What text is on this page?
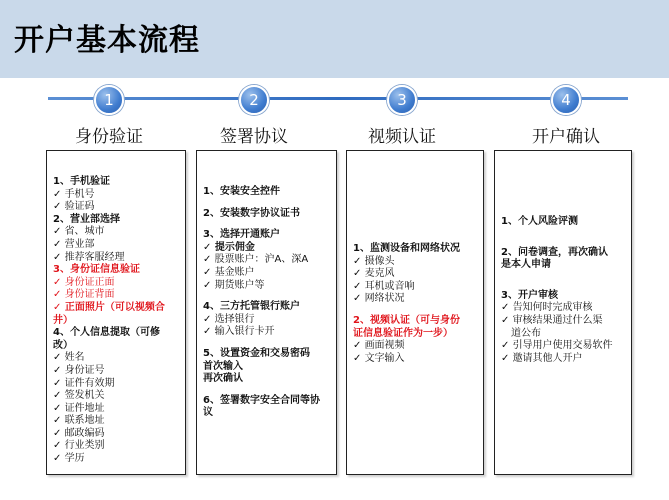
开户基本流程
1	2	3	4
身份验证	签署协议	视频认证	开户确认
1、手机验证
✓ 手机号
✓ 验证码
2、营业部选择
✓ 省、城市
✓ 营业部
✓ 推荐客服经理
3、身份证信息验证
✓ 身份证正面
✓ 身份证背面
✓ 正面照片（可以视频合
井）
4、个人信息提取（可修
改）
✓ 姓名
✓ 身份证号
✓ 证件有效期
✓ 签发机关
✓ 证件地址
✓ 联系地址
✓ 邮政编码
✓ 行业类别
✓ 学历
1、安装安全控件
2、安装数字协议证书
3、选择开通账户
✓ 提示佣金
✓ 股票账户：沪A、深A
✓ 基金账户
✓ 期货账户等
4、三方托管银行账户
✓ 选择银行
✓ 输入银行卡开
5、设置资金和交易密码
首次输入
再次确认
6、签署数字安全合同等协
议
1、监测设备和网络状况
✓ 摄像头
✓ 麦克风
✓ 耳机或音响
✓ 网络状况
2、视频认证（可与身份
证信息验证作为一步）
✓ 画面视频
✓ 文字输入
1、个人风险评测
2、问卷调查，再次确认
是本人申请
3、开户审核
✓ 告知何时完成审核
✓ 审核结果通过什么渠
道公布
✓ 引导用户使用交易软件
✓ 邀请其他人开户
